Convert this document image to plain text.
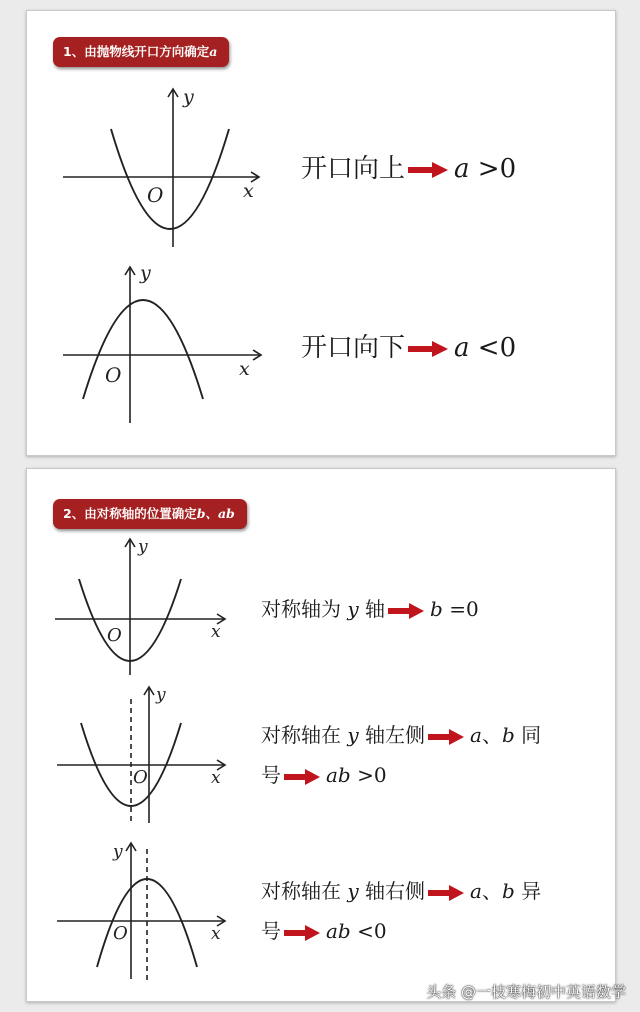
1、由抛物线开口方向确定a
y
x
O
y
x
O
开口向上 a >0
开口向下 a <0
2、由对称轴的位置确定b、ab
y
x
O
y
x
O
y
x
O
对称轴为 y 轴 b =0
对称轴在 y 轴左侧 a、b 同
号 ab >0
对称轴在 y 轴右侧 a、b 异
号 ab <0
头条 @一枝寒梅初中英语数学
